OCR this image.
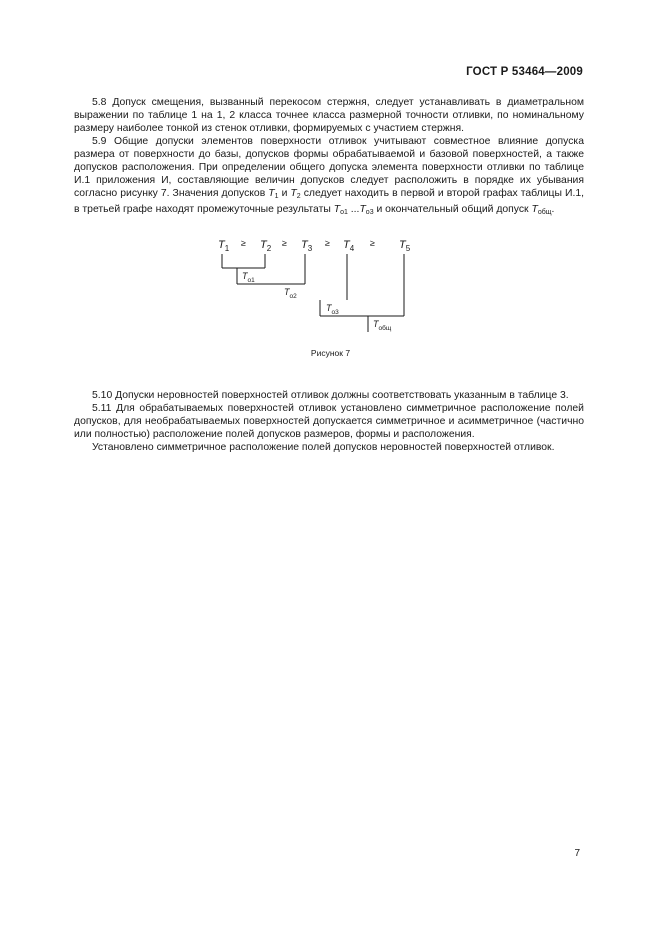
ГОСТ Р 53464—2009

5.8 Допуск смещения, вызванный перекосом стержня, следует устанавливать в диаметральном выражении по таблице 1 на 1, 2 класса точнее класса размерной точности отливки, по номинальному размеру наиболее тонкой из стенок отливки, формируемых с участием стержня.

5.9 Общие допуски элементов поверхности отливок учитывают совместное влияние допуска размера от поверхности до базы, допусков формы обрабатываемой и базовой поверхностей, а также допусков расположения. При определении общего допуска элемента поверхности отливки по таблице И.1 приложения И, составляющие величин допусков следует расположить в порядке их убывания согласно рисунку 7. Значения допусков $T_1$ и $T_2$ следует находить в первой и второй графах таблицы И.1, в третьей графе находят промежуточные результаты $T_{о1}$ $...T_{о3}$ и окончательный общий допуск $T_{общ}$.

$T_1$
≥ $T_2$
≥ $T_3$
≥ $T_4$
≥ $T_5$
$T_{о1}$
$T_{о2}$
$T_{о3}$
$T_{общ}$
Рисунок 7

5.10 Допуски неровностей поверхностей отливок должны соответствовать указанным в таблице 3.

5.11 Для обрабатываемых поверхностей отливок установлено симметричное расположение полей допусков, для необрабатываемых поверхностей допускается симметричное и асимметричное (частично или полностью) расположение полей допусков размеров, формы и расположения.

Установлено симметричное расположение полей допусков неровностей поверхностей отливок.

7
